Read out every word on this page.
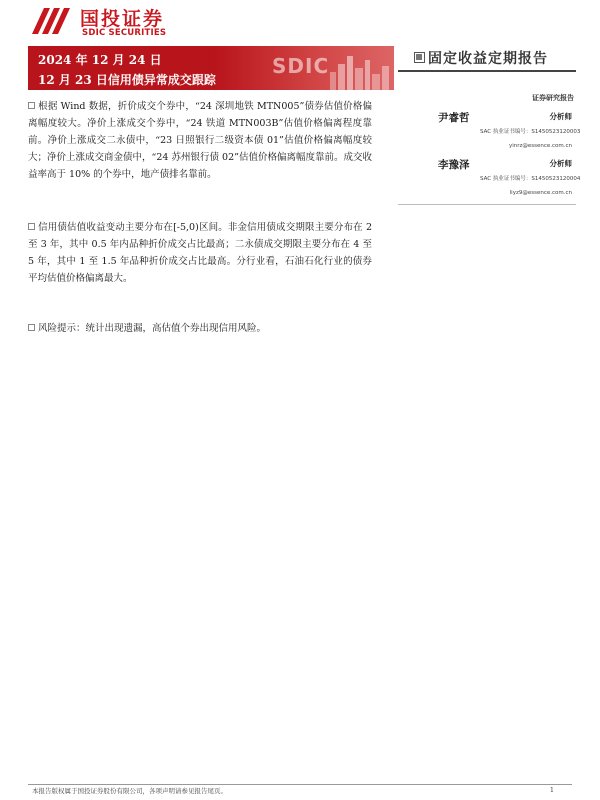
国投证券
SDIC SECURITIES
SDIC
2024 年 12 月 24 日
12 月 23 日信用债异常成交跟踪
固定收益定期报告
证券研究报告
尹睿哲	分析师
SAC 执业证书编号：S1450523120003
yinrz@essence.com.cn
李豫泽	分析师
SAC 执业证书编号：S1450523120004
liyz9@essence.com.cn
根据 Wind 数据，折价成交个券中，“24 深圳地铁 MTN005”债券估值价格偏离幅度较大。净价上涨成交个券中，“24 铁道 MTN003B”估值价格偏离程度靠前。净价上涨成交二永债中，“23 日照银行二级资本债 01”估值价格偏离幅度较大；净价上涨成交商金债中，“24 苏州银行债 02”估值价格偏离幅度靠前。成交收益率高于 10% 的个券中，地产债排名靠前。
信用债估值收益变动主要分布在[-5,0)区间。非金信用债成交期限主要分布在 2 至 3 年，其中 0.5 年内品种折价成交占比最高；二永债成交期限主要分布在 4 至 5 年，其中 1 至 1.5 年品种折价成交占比最高。分行业看，石油石化行业的债券平均估值价格偏离最大。
风险提示：统计出现遗漏，高估值个券出现信用风险。
本报告版权属于国投证券股份有限公司，各项声明请参见报告尾页。	1
